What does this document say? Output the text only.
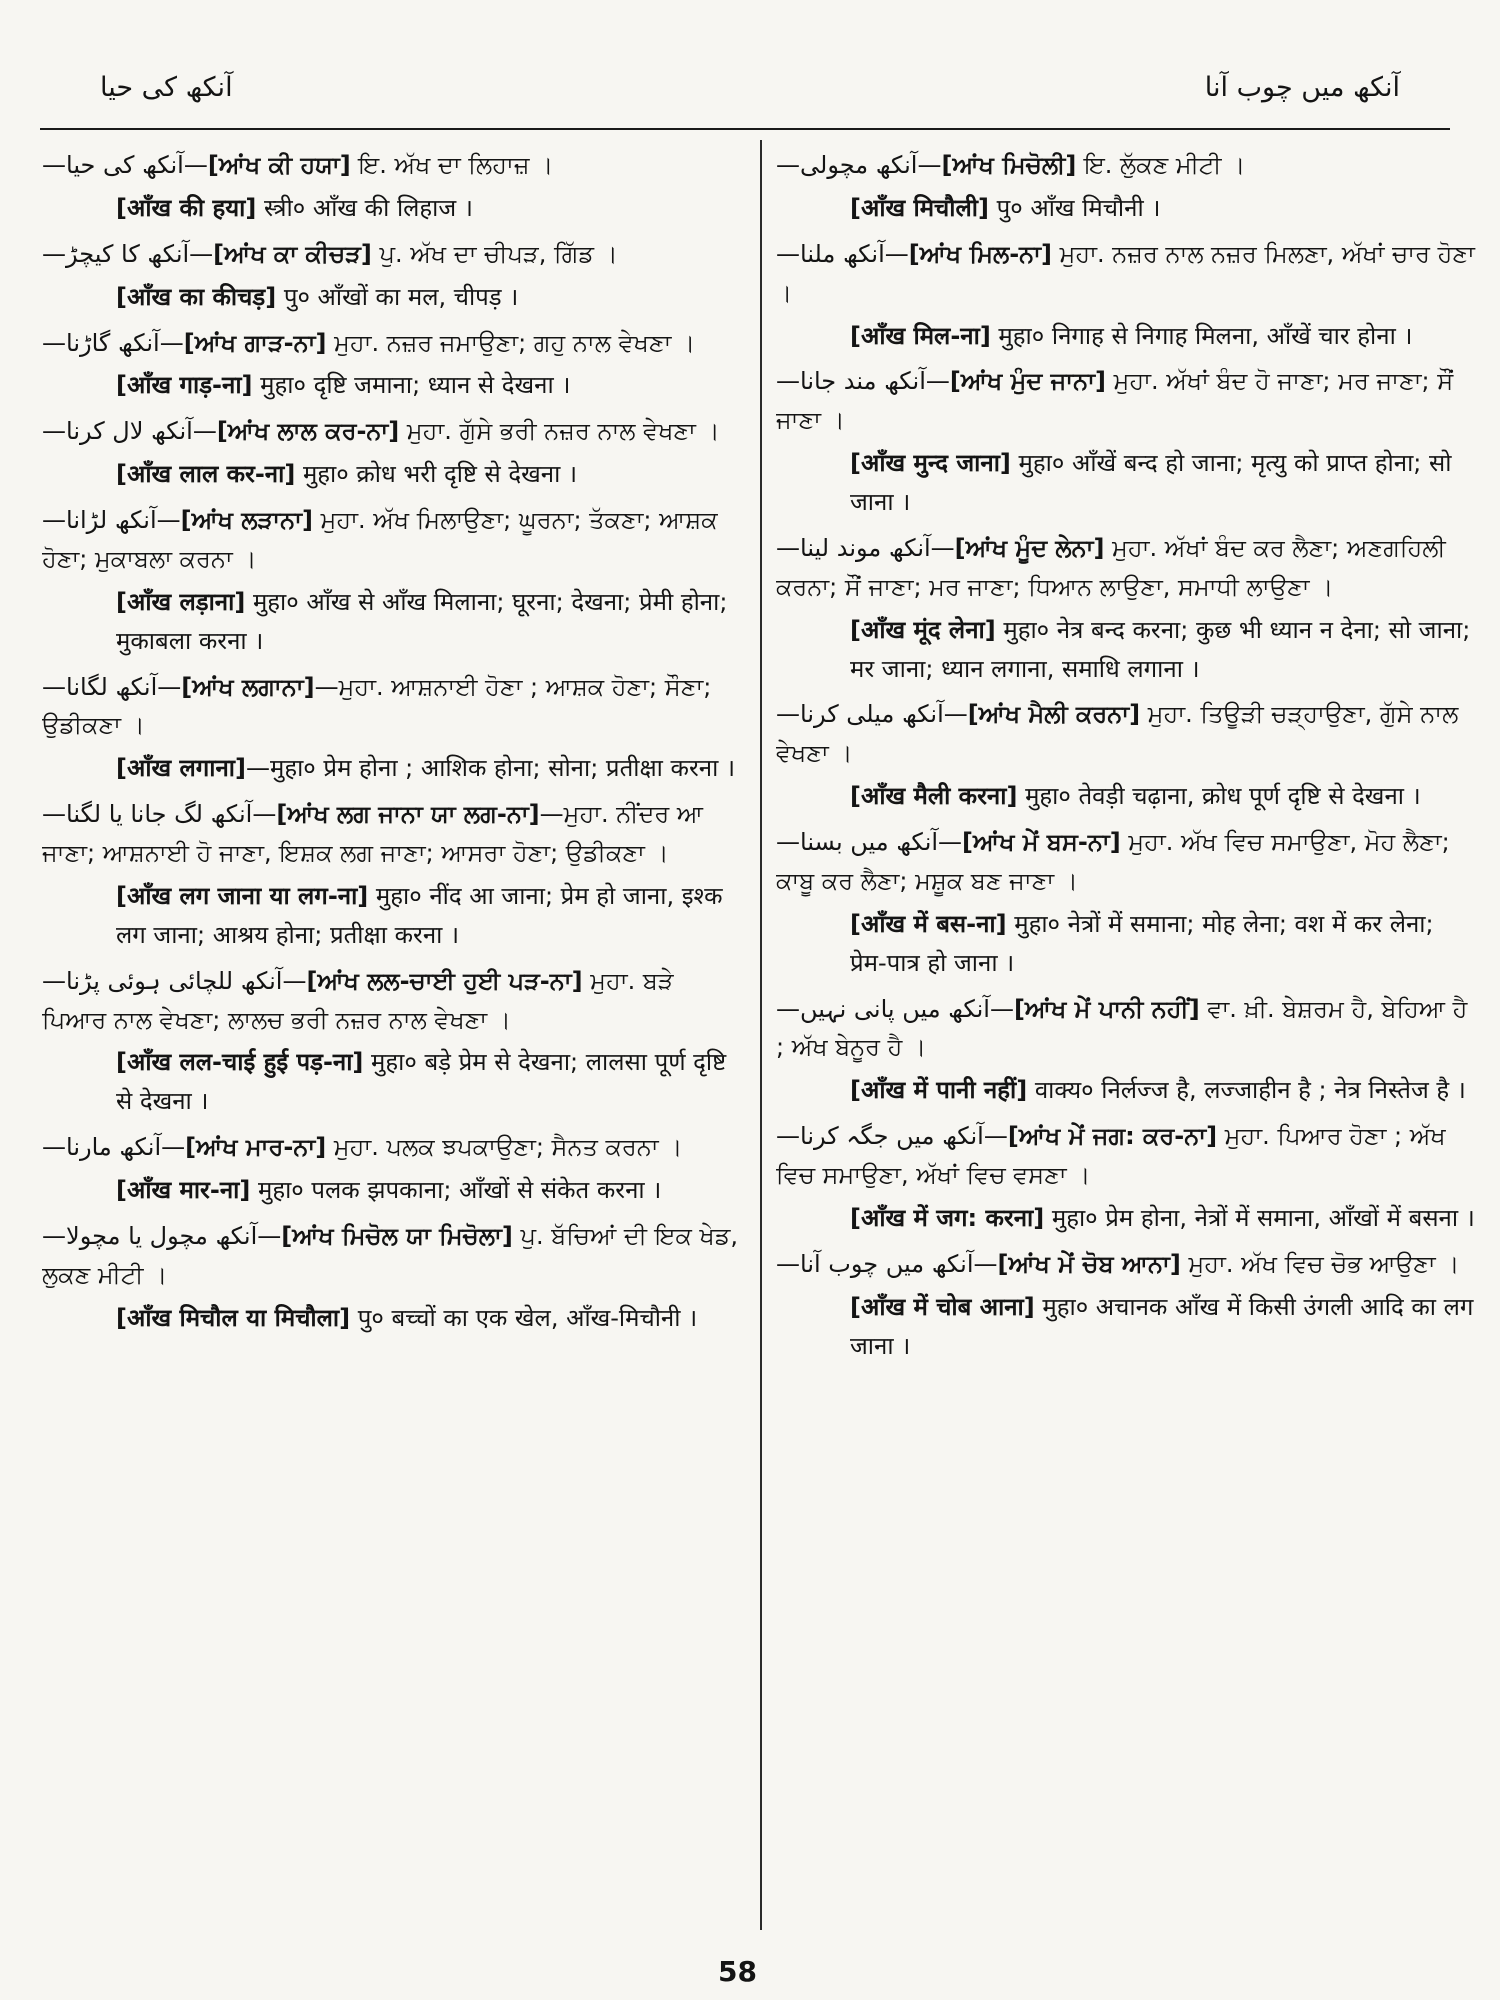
آنکھ کی حیا	آنکھ میں چوب آنا

—آنکھ کی حیا—[ਆਂਖ ਕੀ ਹਯਾ] ਇ. ਅੱਖ ਦਾ ਲਿਹਾਜ਼ ।

[आँख की हया] स्त्री० आँख की लिहाज ।

—آنکھ کا کیچڑ—[ਆਂਖ ਕਾ ਕੀਚੜ] ਪੁ. ਅੱਖ ਦਾ ਚੀਪੜ, ਗਿੱਡ ।

[आँख का कीचड़] पु० आँखों का मल, चीपड़ ।

—آنکھ گاڑنا—[ਆਂਖ ਗਾੜ-ਨਾ] ਮੁਹਾ. ਨਜ਼ਰ ਜਮਾਉਣਾ; ਗਹੁ ਨਾਲ ਵੇਖਣਾ ।

[आँख गाड़-ना] मुहा० दृष्टि जमाना; ध्यान से देखना ।

—آنکھ لال کرنا—[ਆਂਖ ਲਾਲ ਕਰ-ਨਾ] ਮੁਹਾ. ਗੁੱਸੇ ਭਰੀ ਨਜ਼ਰ ਨਾਲ ਵੇਖਣਾ ।

[आँख लाल कर-ना] मुहा० क्रोध भरी दृष्टि से देखना ।

—آنکھ لڑانا—[ਆਂਖ ਲੜਾਨਾ] ਮੁਹਾ. ਅੱਖ ਮਿਲਾਉਣਾ; ਘੂਰਨਾ; ਤੱਕਣਾ; ਆਸ਼ਕ ਹੋਣਾ; ਮੁਕਾਬਲਾ ਕਰਨਾ ।

[आँख लड़ाना] मुहा० आँख से आँख मिलाना; घूरना; देखना; प्रेमी होना; मुकाबला करना ।

—آنکھ لگانا—[ਆਂਖ ਲਗਾਨਾ]—ਮੁਹਾ. ਆਸ਼ਨਾਈ ਹੋਣਾ ; ਆਸ਼ਕ ਹੋਣਾ; ਸੌਣਾ; ਉਡੀਕਣਾ ।

[आँख लगाना]—मुहा० प्रेम होना ; आशिक होना; सोना; प्रतीक्षा करना ।

—آنکھ لگ جانا یا لگنا—[ਆਂਖ ਲਗ ਜਾਨਾ ਯਾ ਲਗ-ਨਾ]—ਮੁਹਾ. ਨੀਂਦਰ ਆ ਜਾਣਾ; ਆਸ਼ਨਾਈ ਹੋ ਜਾਣਾ, ਇਸ਼ਕ ਲਗ ਜਾਣਾ; ਆਸਰਾ ਹੋਣਾ; ਉਡੀਕਣਾ ।

[आँख लग जाना या लग-ना] मुहा० नींद आ जाना; प्रेम हो जाना, इश्क लग जाना; आश्रय होना; प्रतीक्षा करना ।

—آنکھ للچائی ہوئی پڑنا—[ਆਂਖ ਲਲ-ਚਾਈ ਹੁਈ ਪੜ-ਨਾ] ਮੁਹਾ. ਬੜੇ ਪਿਆਰ ਨਾਲ ਵੇਖਣਾ; ਲਾਲਚ ਭਰੀ ਨਜ਼ਰ ਨਾਲ ਵੇਖਣਾ ।

[आँख लल-चाई हुई पड़-ना] मुहा० बड़े प्रेम से देखना; लालसा पूर्ण दृष्टि से देखना ।

—آنکھ مارنا—[ਆਂਖ ਮਾਰ-ਨਾ] ਮੁਹਾ. ਪਲਕ ਝਪਕਾਉਣਾ; ਸੈਨਤ ਕਰਨਾ ।

[आँख मार-ना] मुहा० पलक झपकाना; आँखों से संकेत करना ।

—آنکھ مچول یا مچولا—[ਆਂਖ ਮਿਚੋਲ ਯਾ ਮਿਚੋਲਾ] ਪੁ. ਬੱਚਿਆਂ ਦੀ ਇਕ ਖੇਡ, ਲੁਕਣ ਮੀਟੀ ।

[आँख मिचौल या मिचौला] पु० बच्चों का एक खेल, आँख-मिचौनी ।

—آنکھ مچولی—[ਆਂਖ ਮਿਚੋਲੀ] ਇ. ਲੁੱਕਣ ਮੀਟੀ ।

[आँख मिचौली] पु० आँख मिचौनी ।

—آنکھ ملنا—[ਆਂਖ ਮਿਲ-ਨਾ] ਮੁਹਾ. ਨਜ਼ਰ ਨਾਲ ਨਜ਼ਰ ਮਿਲਣਾ, ਅੱਖਾਂ ਚਾਰ ਹੋਣਾ ।

[आँख मिल-ना] मुहा० निगाह से निगाह मिलना, आँखें चार होना ।

—آنکھ مند جانا—[ਆਂਖ ਮੁੰਦ ਜਾਨਾ] ਮੁਹਾ. ਅੱਖਾਂ ਬੰਦ ਹੋ ਜਾਣਾ; ਮਰ ਜਾਣਾ; ਸੌਂ ਜਾਣਾ ।

[आँख मुन्द जाना] मुहा० आँखें बन्द हो जाना; मृत्यु को प्राप्त होना; सो जाना ।

—آنکھ موند لینا—[ਆਂਖ ਮੂੰਦ ਲੇਨਾ] ਮੁਹਾ. ਅੱਖਾਂ ਬੰਦ ਕਰ ਲੈਣਾ; ਅਣਗਹਿਲੀ ਕਰਨਾ; ਸੌਂ ਜਾਣਾ; ਮਰ ਜਾਣਾ; ਧਿਆਨ ਲਾਉਣਾ, ਸਮਾਧੀ ਲਾਉਣਾ ।

[आँख मूंद लेना] मुहा० नेत्र बन्द करना; कुछ भी ध्यान न देना; सो जाना; मर जाना; ध्यान लगाना, समाधि लगाना ।

—آنکھ میلی کرنا—[ਆਂਖ ਮੈਲੀ ਕਰਨਾ] ਮੁਹਾ. ਤਿਊੜੀ ਚੜ੍ਹਾਉਣਾ, ਗੁੱਸੇ ਨਾਲ ਵੇਖਣਾ ।

[आँख मैली करना] मुहा० तेवड़ी चढ़ाना, क्रोध पूर्ण दृष्टि से देखना ।

—آنکھ میں بسنا—[ਆਂਖ ਮੇਂ ਬਸ-ਨਾ] ਮੁਹਾ. ਅੱਖ ਵਿਚ ਸਮਾਉਣਾ, ਮੋਹ ਲੈਣਾ; ਕਾਬੂ ਕਰ ਲੈਣਾ; ਮਸ਼ੂਕ ਬਣ ਜਾਣਾ ।

[आँख में बस-ना] मुहा० नेत्रों में समाना; मोह लेना; वश में कर लेना; प्रेम-पात्र हो जाना ।

—آنکھ میں پانی نہیں—[ਆਂਖ ਮੇਂ ਪਾਨੀ ਨਹੀਂ] ਵਾ. ਖ਼ੀ. ਬੇਸ਼ਰਮ ਹੈ, ਬੇਹਿਆ ਹੈ ; ਅੱਖ ਬੇਨੂਰ ਹੈ ।

[आँख में पानी नहीं] वाक्य० निर्लज्ज है, लज्जाहीन है ; नेत्र निस्तेज है ।

—آنکھ میں جگہ کرنا—[ਆਂਖ ਮੇਂ ਜਗ: ਕਰ-ਨਾ] ਮੁਹਾ. ਪਿਆਰ ਹੋਣਾ ; ਅੱਖ ਵਿਚ ਸਮਾਉਣਾ, ਅੱਖਾਂ ਵਿਚ ਵਸਣਾ ।

[आँख में जग: करना] मुहा० प्रेम होना, नेत्रों में समाना, आँखों में बसना ।

—آنکھ میں چوب آنا—[ਆਂਖ ਮੇਂ ਚੋਬ ਆਨਾ] ਮੁਹਾ. ਅੱਖ ਵਿਚ ਚੋਭ ਆਉਣਾ ।

[आँख में चोब आना] मुहा० अचानक आँख में किसी उंगली आदि का लग जाना ।

58
